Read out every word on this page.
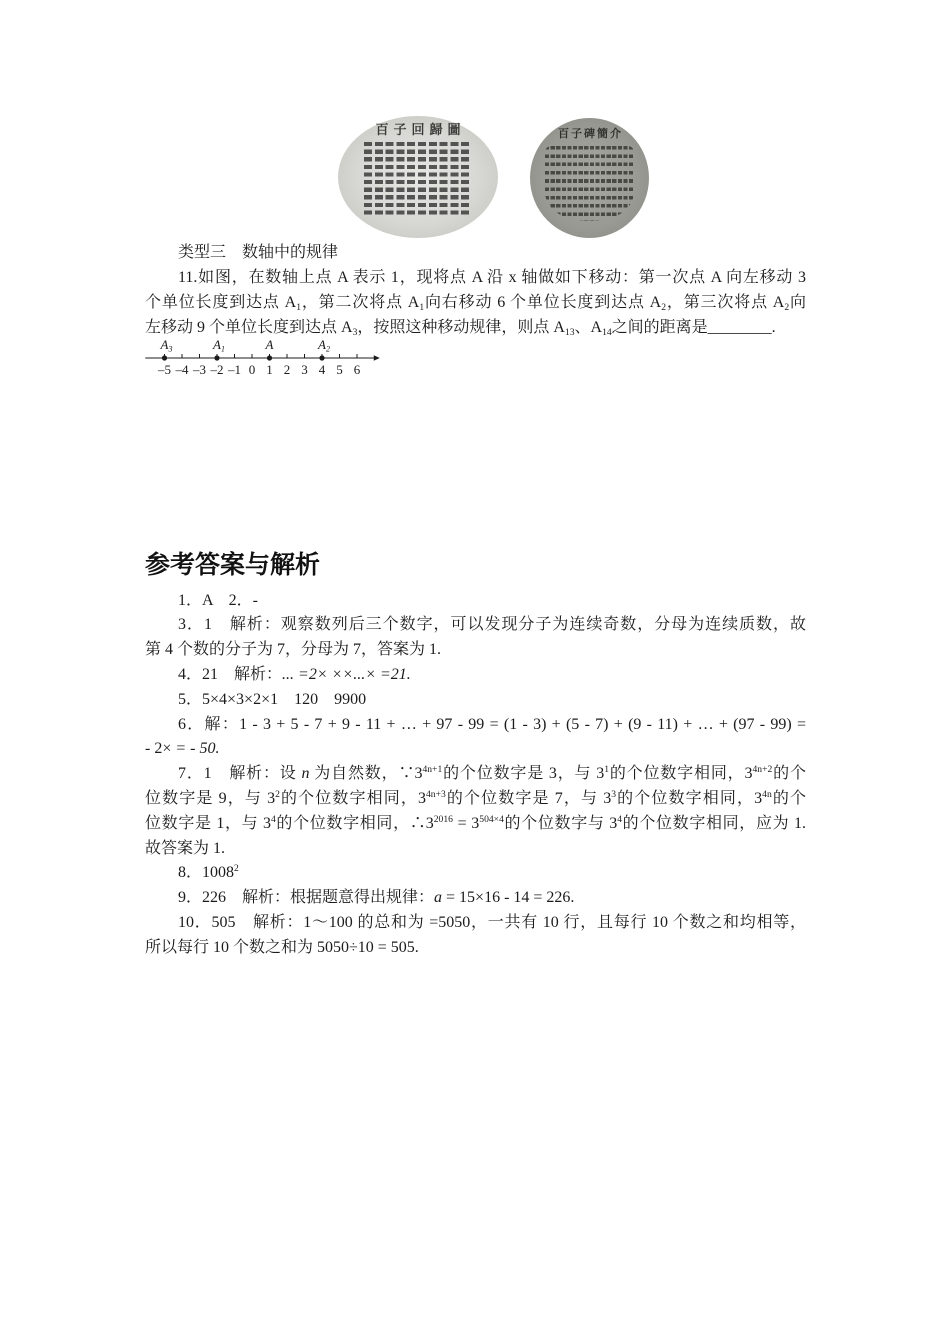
百子回歸圖	百子碑簡介
类型三　数轴中的规律
11.如图，在数轴上点 A 表示 1，现将点 A 沿 x 轴做如下移动：第一次点 A 向左移动 3
个单位长度到达点 $A_1$，第二次将点 $A_1$向右移动 6 个单位长度到达点 $A_2$，第三次将点 $A_2$向
左移动 9 个单位长度到达点 $A_3$，按照这种移动规律，则点 $A_{13}$、$A_{14}$之间的距离是________.
–5 –4 –3 –2 –1 0 1 2 3 4 5 6
A3	A1	A	A2
参考答案与解析
1．A　2．-
3．1　解析：观察数列后三个数字，可以发现分子为连续奇数，分母为连续质数，故
第 4 个数的分子为 7，分母为 7，答案为 1.
4．21　解析：... =2× ××...× =21.
5．5×4×3×2×1　120　9900
6．解：1 - 3 + 5 - 7 + 9 - 11 + … + 97 - 99 = (1 - 3) + (5 - 7) + (9 - 11) + … + (97 - 99) =
- 2× = - 50.
7．1　解析：设 n 为自然数，$\because 3^{4n+1}$的个位数字是 3，与 $3^1$的个位数字相同，$3^{4n+2}$的个
位数字是 9，与 $3^2$的个位数字相同，$3^{4n+3}$的个位数字是 7，与 $3^3$的个位数字相同，$3^{4n}$的个
位数字是 1，与 $3^4$的个位数字相同，$\therefore 3^{2016} = 3^{504\times 4}$的个位数字与 $3^4$的个位数字相同，应为 1.
故答案为 1.
8．1008$^2$
9．226　解析：根据题意得出规律：a = 15×16 - 14 = 226.
10．505　解析：1～100 的总和为 =5050，一共有 10 行，且每行 10 个数之和均相等，
所以每行 10 个数之和为 5050÷10 = 505.
